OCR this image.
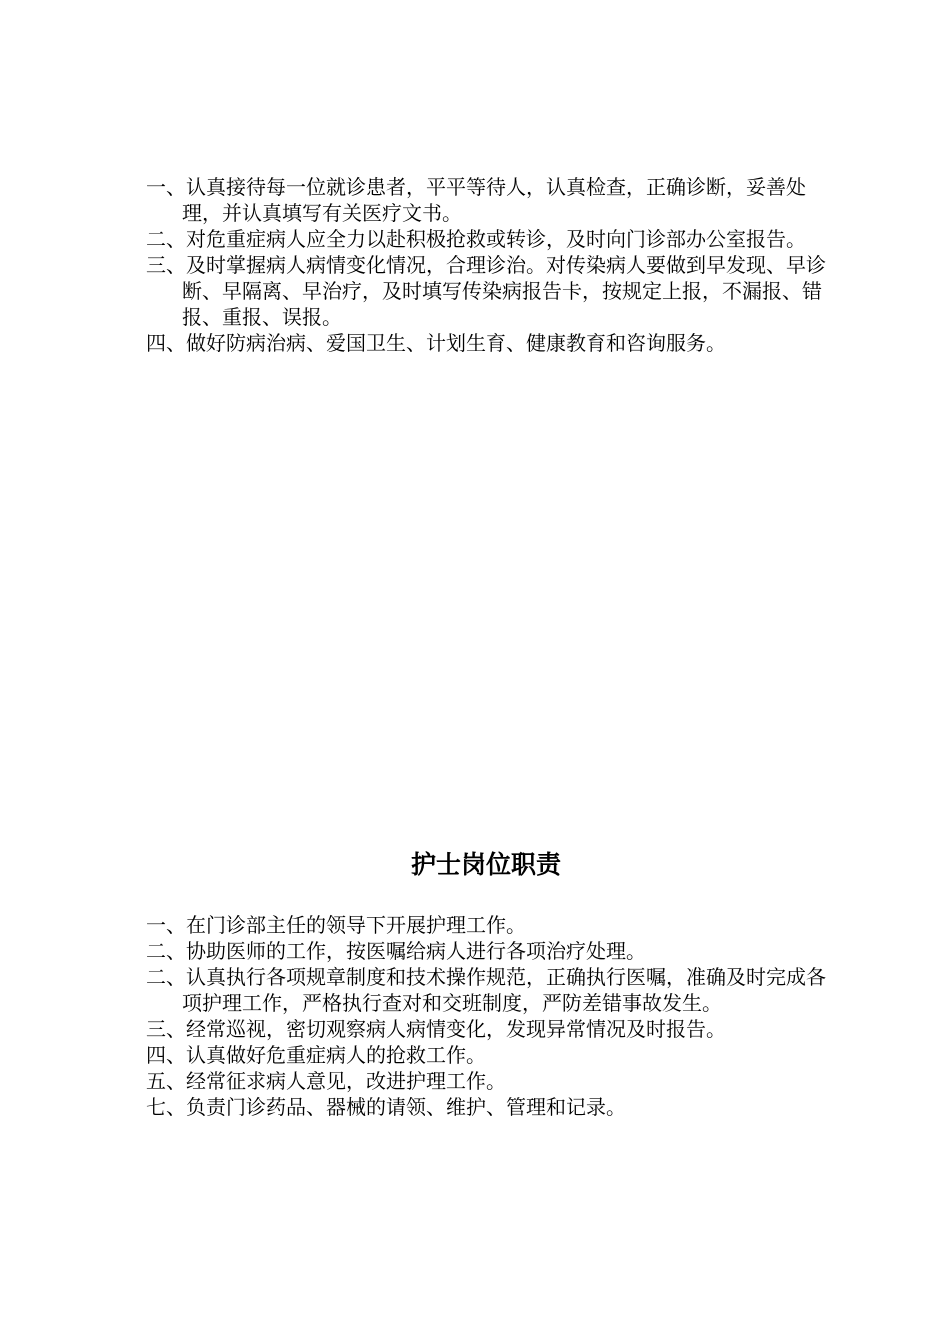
一、认真接待每一位就诊患者，平平等待人，认真检查，正确诊断，妥善处理，并认真填写有关医疗文书。
二、对危重症病人应全力以赴积极抢救或转诊，及时向门诊部办公室报告。
三、及时掌握病人病情变化情况，合理诊治。对传染病人要做到早发现、早诊断、早隔离、早治疗，及时填写传染病报告卡，按规定上报，不漏报、错报、重报、误报。
四、做好防病治病、爱国卫生、计划生育、健康教育和咨询服务。
护士岗位职责
一、在门诊部主任的领导下开展护理工作。
二、协助医师的工作，按医嘱给病人进行各项治疗处理。
二、认真执行各项规章制度和技术操作规范，正确执行医嘱，准确及时完成各项护理工作，严格执行查对和交班制度，严防差错事故发生。
三、经常巡视，密切观察病人病情变化，发现异常情况及时报告。
四、认真做好危重症病人的抢救工作。
五、经常征求病人意见，改进护理工作。
七、负责门诊药品、器械的请领、维护、管理和记录。
